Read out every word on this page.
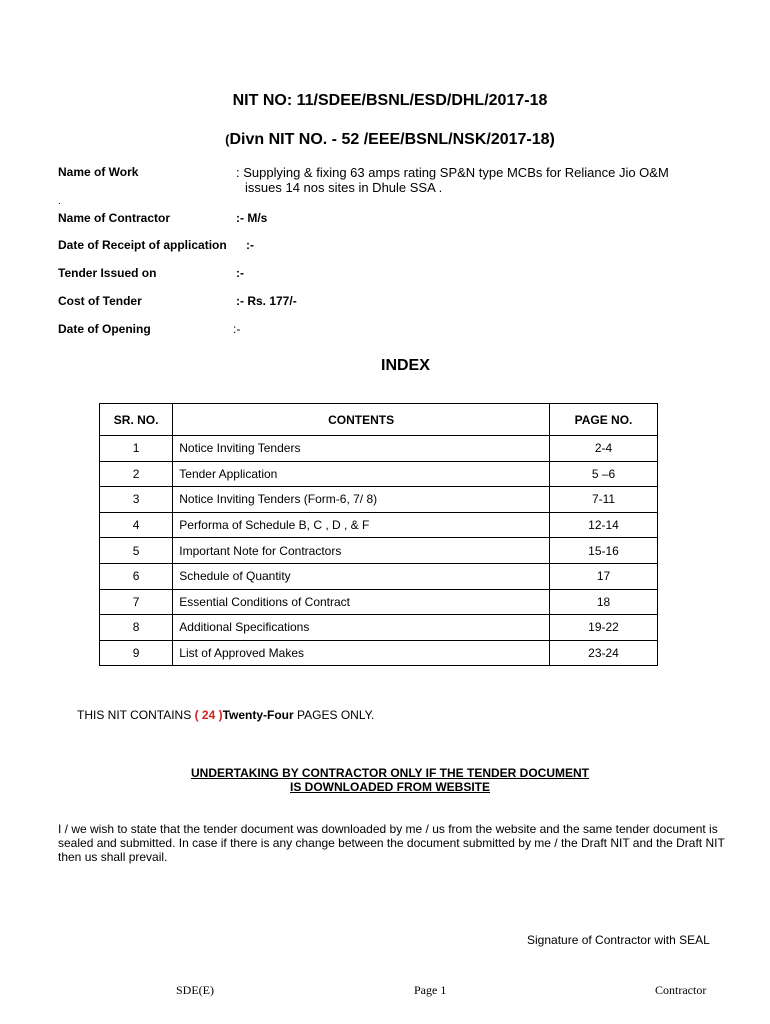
NIT NO: 11/SDEE/BSNL/ESD/DHL/2017-18
(Divn NIT NO. - 52 /EEE/BSNL/NSK/2017-18)
Name of Work	: Supplying & fixing 63 amps rating SP&N type MCBs for Reliance Jio O&M
issues 14 nos sites in Dhule SSA .
.
Name of Contractor	:- M/s
Date of Receipt of application :-
Tender Issued on	:-
Cost of Tender	:- Rs. 177/-
Date of Opening	:-
INDEX
SR. NO.	CONTENTS	PAGE NO.
1	Notice Inviting Tenders	2-4
2	Tender Application	5 –6
3	Notice Inviting Tenders (Form-6, 7/ 8)	7-11
4	Performa of Schedule B, C , D , & F	12-14
5	Important Note for Contractors	15-16
6	Schedule of Quantity	17
7	Essential Conditions of Contract	18
8	Additional Specifications	19-22
9	List of Approved Makes	23-24
THIS NIT CONTAINS ( 24 )Twenty-Four PAGES ONLY.
UNDERTAKING BY CONTRACTOR ONLY IF THE TENDER DOCUMENT
IS DOWNLOADED FROM WEBSITE
I / we wish to state that the tender document was downloaded by me / us from the website and the same tender document is sealed and submitted. In case if there is any change between the document submitted by me / the Draft NIT and the Draft NIT then us shall prevail.
Signature of Contractor with SEAL
SDE(E)	Page 1	Contractor
